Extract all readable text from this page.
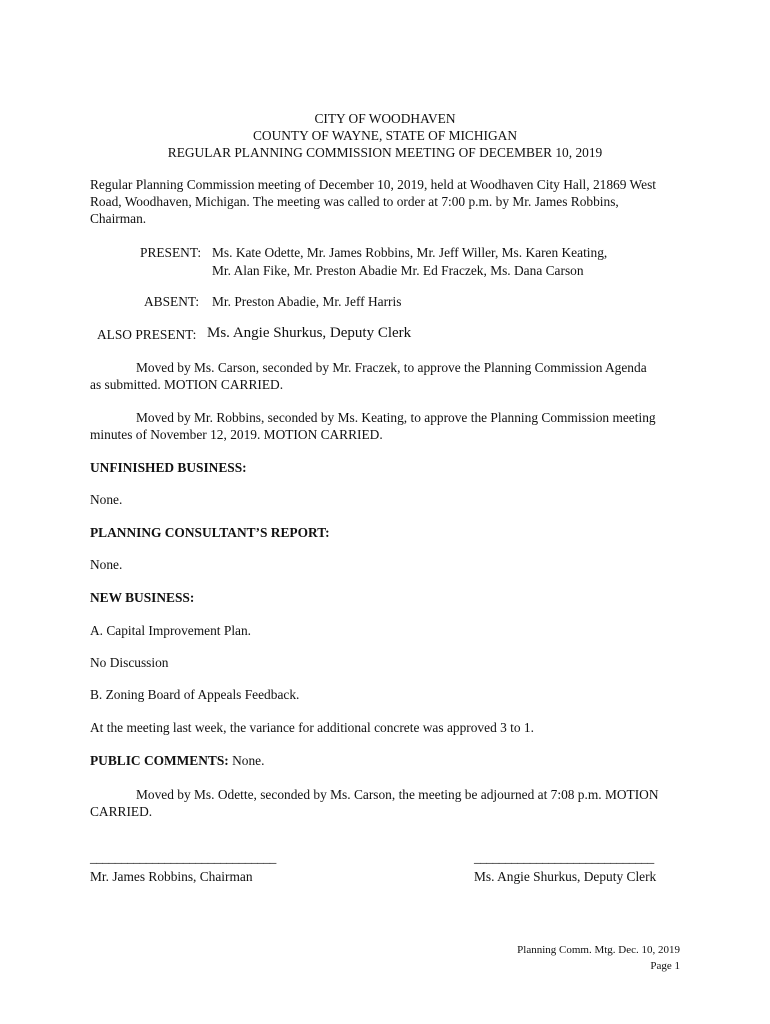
CITY OF WOODHAVEN
COUNTY OF WAYNE, STATE OF MICHIGAN
REGULAR PLANNING COMMISSION MEETING OF DECEMBER 10, 2019
Regular Planning Commission meeting of December 10, 2019, held at Woodhaven City Hall, 21869 West
Road, Woodhaven, Michigan. The meeting was called to order at 7:00 p.m. by Mr. James Robbins,
Chairman.
PRESENT: Ms. Kate Odette, Mr. James Robbins, Mr. Jeff Willer, Ms. Karen Keating,
Mr. Alan Fike, Mr. Preston Abadie Mr. Ed Fraczek, Ms. Dana Carson
ABSENT: Mr. Preston Abadie, Mr. Jeff Harris
ALSO PRESENT: Ms. Angie Shurkus, Deputy Clerk
Moved by Ms. Carson, seconded by Mr. Fraczek, to approve the Planning Commission Agenda
as submitted. MOTION CARRIED.
Moved by Mr. Robbins, seconded by Ms. Keating, to approve the Planning Commission meeting
minutes of November 12, 2019. MOTION CARRIED.
UNFINISHED BUSINESS:
None.
PLANNING CONSULTANT’S REPORT:
None.
NEW BUSINESS:
A. Capital Improvement Plan.
No Discussion
B. Zoning Board of Appeals Feedback.
At the meeting last week, the variance for additional concrete was approved 3 to 1.
PUBLIC COMMENTS: None.
Moved by Ms. Odette, seconded by Ms. Carson, the meeting be adjourned at 7:08 p.m. MOTION
CARRIED.
______________________________
Mr. James Robbins, Chairman
_____________________________
Ms. Angie Shurkus, Deputy Clerk
Planning Comm. Mtg. Dec. 10, 2019
Page 1
